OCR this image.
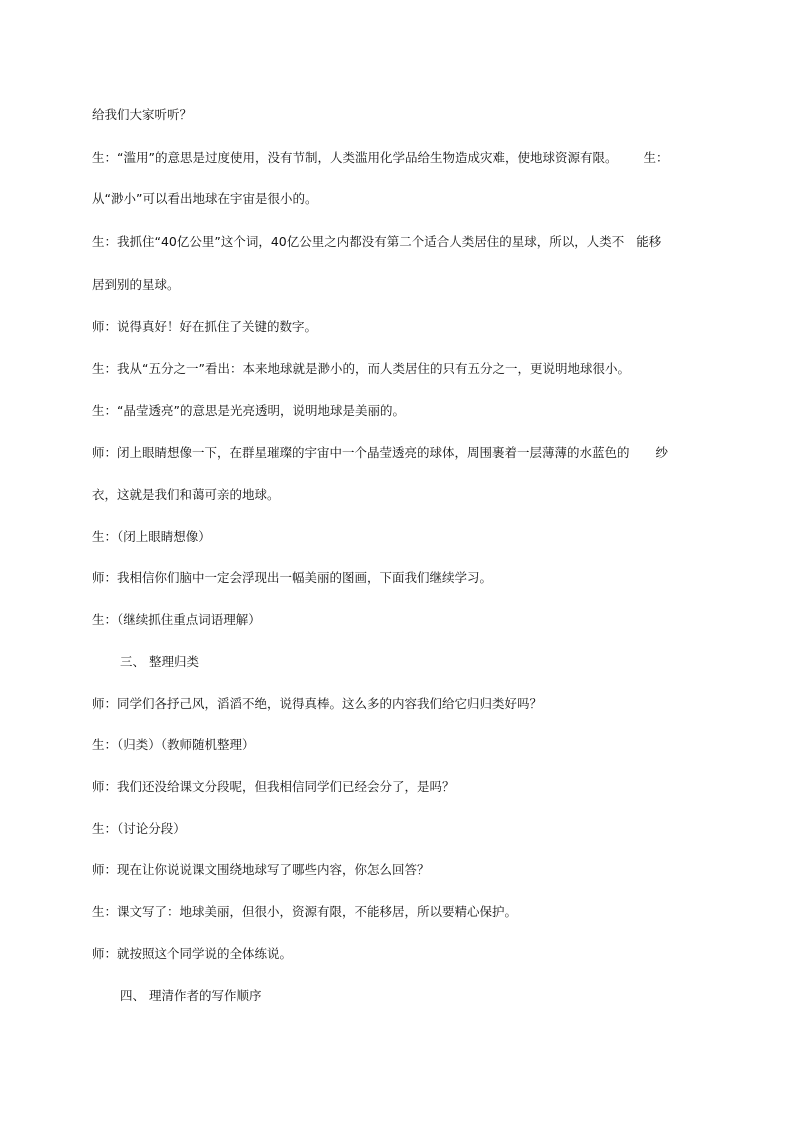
给我们大家听听？
生：“滥用”的意思是过度使用，没有节制，人类滥用化学品给生物造成灾难，使地球资源有限。 生：
从“渺小”可以看出地球在宇宙是很小的。
生：我抓住“40亿公里”这个词，40亿公里之内都没有第二个适合人类居住的星球，所以，人类不 能移
居到别的星球。
师：说得真好！好在抓住了关键的数字。
生：我从“五分之一”看出：本来地球就是渺小的，而人类居住的只有五分之一，更说明地球很小。
生：“晶莹透亮”的意思是光亮透明，说明地球是美丽的。
师：闭上眼睛想像一下，在群星璀璨的宇宙中一个晶莹透亮的球体，周围裹着一层薄薄的水蓝色的 纱
衣，这就是我们和蔼可亲的地球。
生：（闭上眼睛想像）
师：我相信你们脑中一定会浮现出一幅美丽的图画，下面我们继续学习。
生：（继续抓住重点词语理解）
三、 整理归类
师：同学们各抒己风，滔滔不绝，说得真棒。这么多的内容我们给它归归类好吗？
生：（归类）（教师随机整理）
师：我们还没给课文分段呢，但我相信同学们已经会分了，是吗？
生：（讨论分段）
师：现在让你说说课文围绕地球写了哪些内容，你怎么回答？
生：课文写了：地球美丽，但很小，资源有限，不能移居，所以要精心保护。
师：就按照这个同学说的全体练说。
四、 理清作者的写作顺序
